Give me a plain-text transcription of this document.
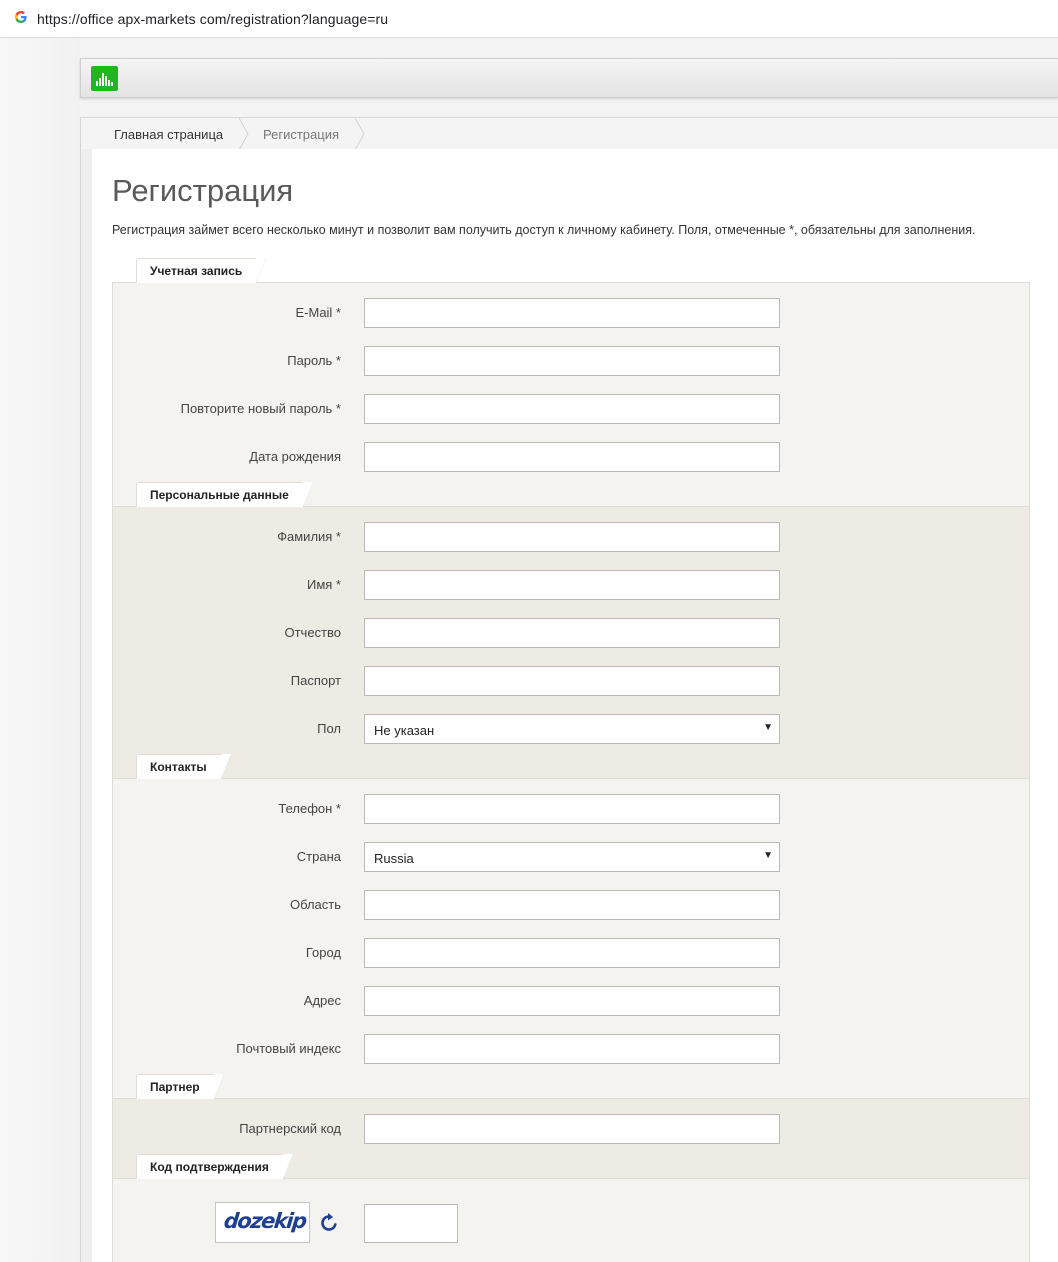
https://office apx-markets com/registration?language=ru
Главная страница	Регистрация
Регистрация

Регистрация займет всего несколько минут и позволит вам получить доступ к личному кабинету. Поля, отмеченные *, обязательны для заполнения.

Учетная запись
E-Mail *
Пароль *
Повторите новый пароль *
Дата рождения
Персональные данные
Фамилия *
Имя *
Отчество
Паспорт
Пол	Не указан	▼
Контакты
Телефон *
Страна	Russia	▼
Область
Город
Адрес
Почтовый индекс
Партнер
Партнерский код
Код подтверждения
dozekip
